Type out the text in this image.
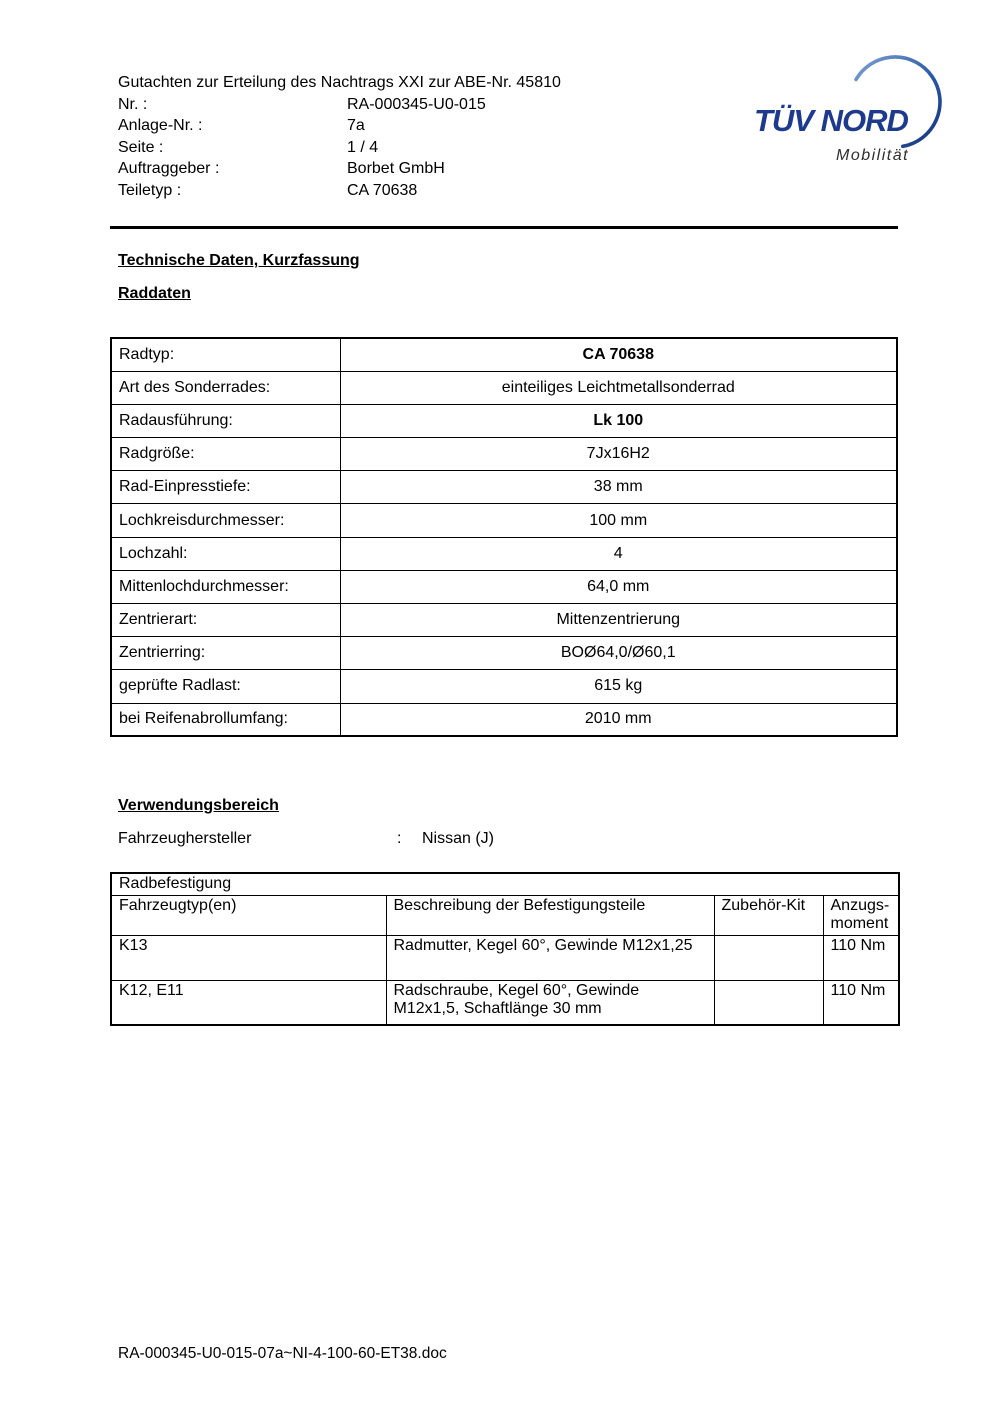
Gutachten zur Erteilung des Nachtrags XXI zur ABE-Nr. 45810
Nr. :	RA-000345-U0-015
Anlage-Nr. :	7a
Seite :	1 / 4
Auftraggeber :	Borbet GmbH
Teiletyp :	CA 70638
TÜV NORD
Mobilität
Technische Daten, Kurzfassung
Raddaten
Radtyp:	CA 70638
Art des Sonderrades:	einteiliges Leichtmetallsonderrad
Radausführung:	Lk 100
Radgröße:	7Jx16H2
Rad-Einpresstiefe:	38 mm
Lochkreisdurchmesser:	100 mm
Lochzahl:	4
Mittenlochdurchmesser:	64,0 mm
Zentrierart:	Mittenzentrierung
Zentrierring:	BOØ64,0/Ø60,1
geprüfte Radlast:	615 kg
bei Reifenabrollumfang:	2010 mm
Verwendungsbereich
Fahrzeughersteller	: Nissan (J)
Radbefestigung			
Fahrzeugtyp(en)	Beschreibung der Befestigungsteile	Zubehör-Kit	Anzugs-moment
K13	Radmutter, Kegel 60°, Gewinde M12x1,25		110 Nm
K12, E11	Radschraube, Kegel 60°, Gewinde M12x1,5, Schaftlänge 30 mm		110 Nm
RA-000345-U0-015-07a~NI-4-100-60-ET38.doc
